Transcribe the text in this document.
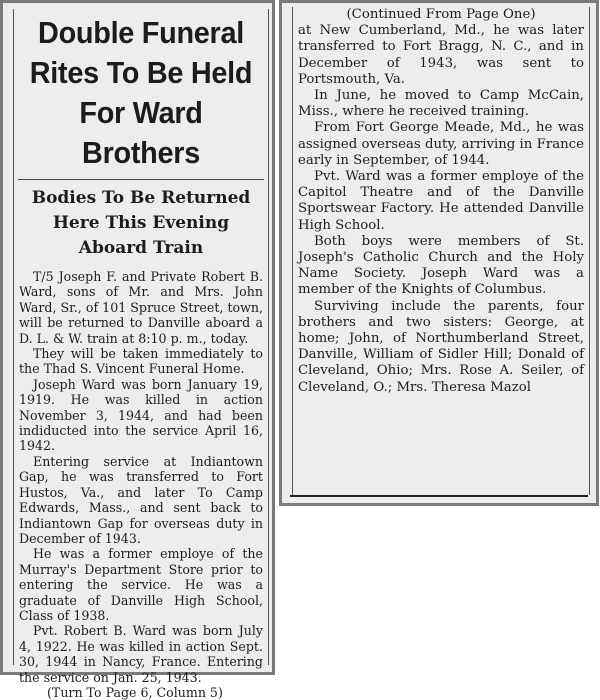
Double Funeral
Rites To Be Held
For Ward Brothers
Bodies To Be Returned
Here This Evening
Aboard Train

T/5 Joseph F. and Private Robert B. Ward, sons of Mr. and Mrs. John Ward, Sr., of 101 Spruce Street, town, will be returned to Danville aboard a D. L. & W. train at 8:10 p. m., today.

They will be taken immediately to the Thad S. Vincent Funeral Home.

Joseph Ward was born January 19, 1919. He was killed in action November 3, 1944, and had been indiducted into the service April 16, 1942.

Entering service at Indiantown Gap, he was transferred to Fort Hustos, Va., and later To Camp Edwards, Mass., and sent back to Indiantown Gap for overseas duty in December of 1943.

He was a former employe of the Murray's Department Store prior to entering the service. He was a graduate of Danville High School, Class of 1938.

Pvt. Robert B. Ward was born July 4, 1922. He was killed in action Sept. 30, 1944 in Nancy, France. Entering the service on Jan. 25, 1943.

(Turn To Page 6, Column 5)

(Continued From Page One)

at New Cumberland, Md., he was later transferred to Fort Bragg, N. C., and in December of 1943, was sent to Portsmouth, Va.

In June, he moved to Camp McCain, Miss., where he received training.

From Fort George Meade, Md., he was assigned overseas duty, arriving in France early in September, of 1944.

Pvt. Ward was a former employe of the Capitol Theatre and of the Danville Sportswear Factory. He attended Danville High School.

Both boys were members of St. Joseph's Catholic Church and the Holy Name Society. Joseph Ward was a member of the Knights of Columbus.

Surviving include the parents, four brothers and two sisters: George, at home; John, of Northumberland Street, Danville, William of Sidler Hill; Donald of Cleveland, Ohio; Mrs. Rose A. Seiler, of Cleveland, O.; Mrs. Theresa Mazol
